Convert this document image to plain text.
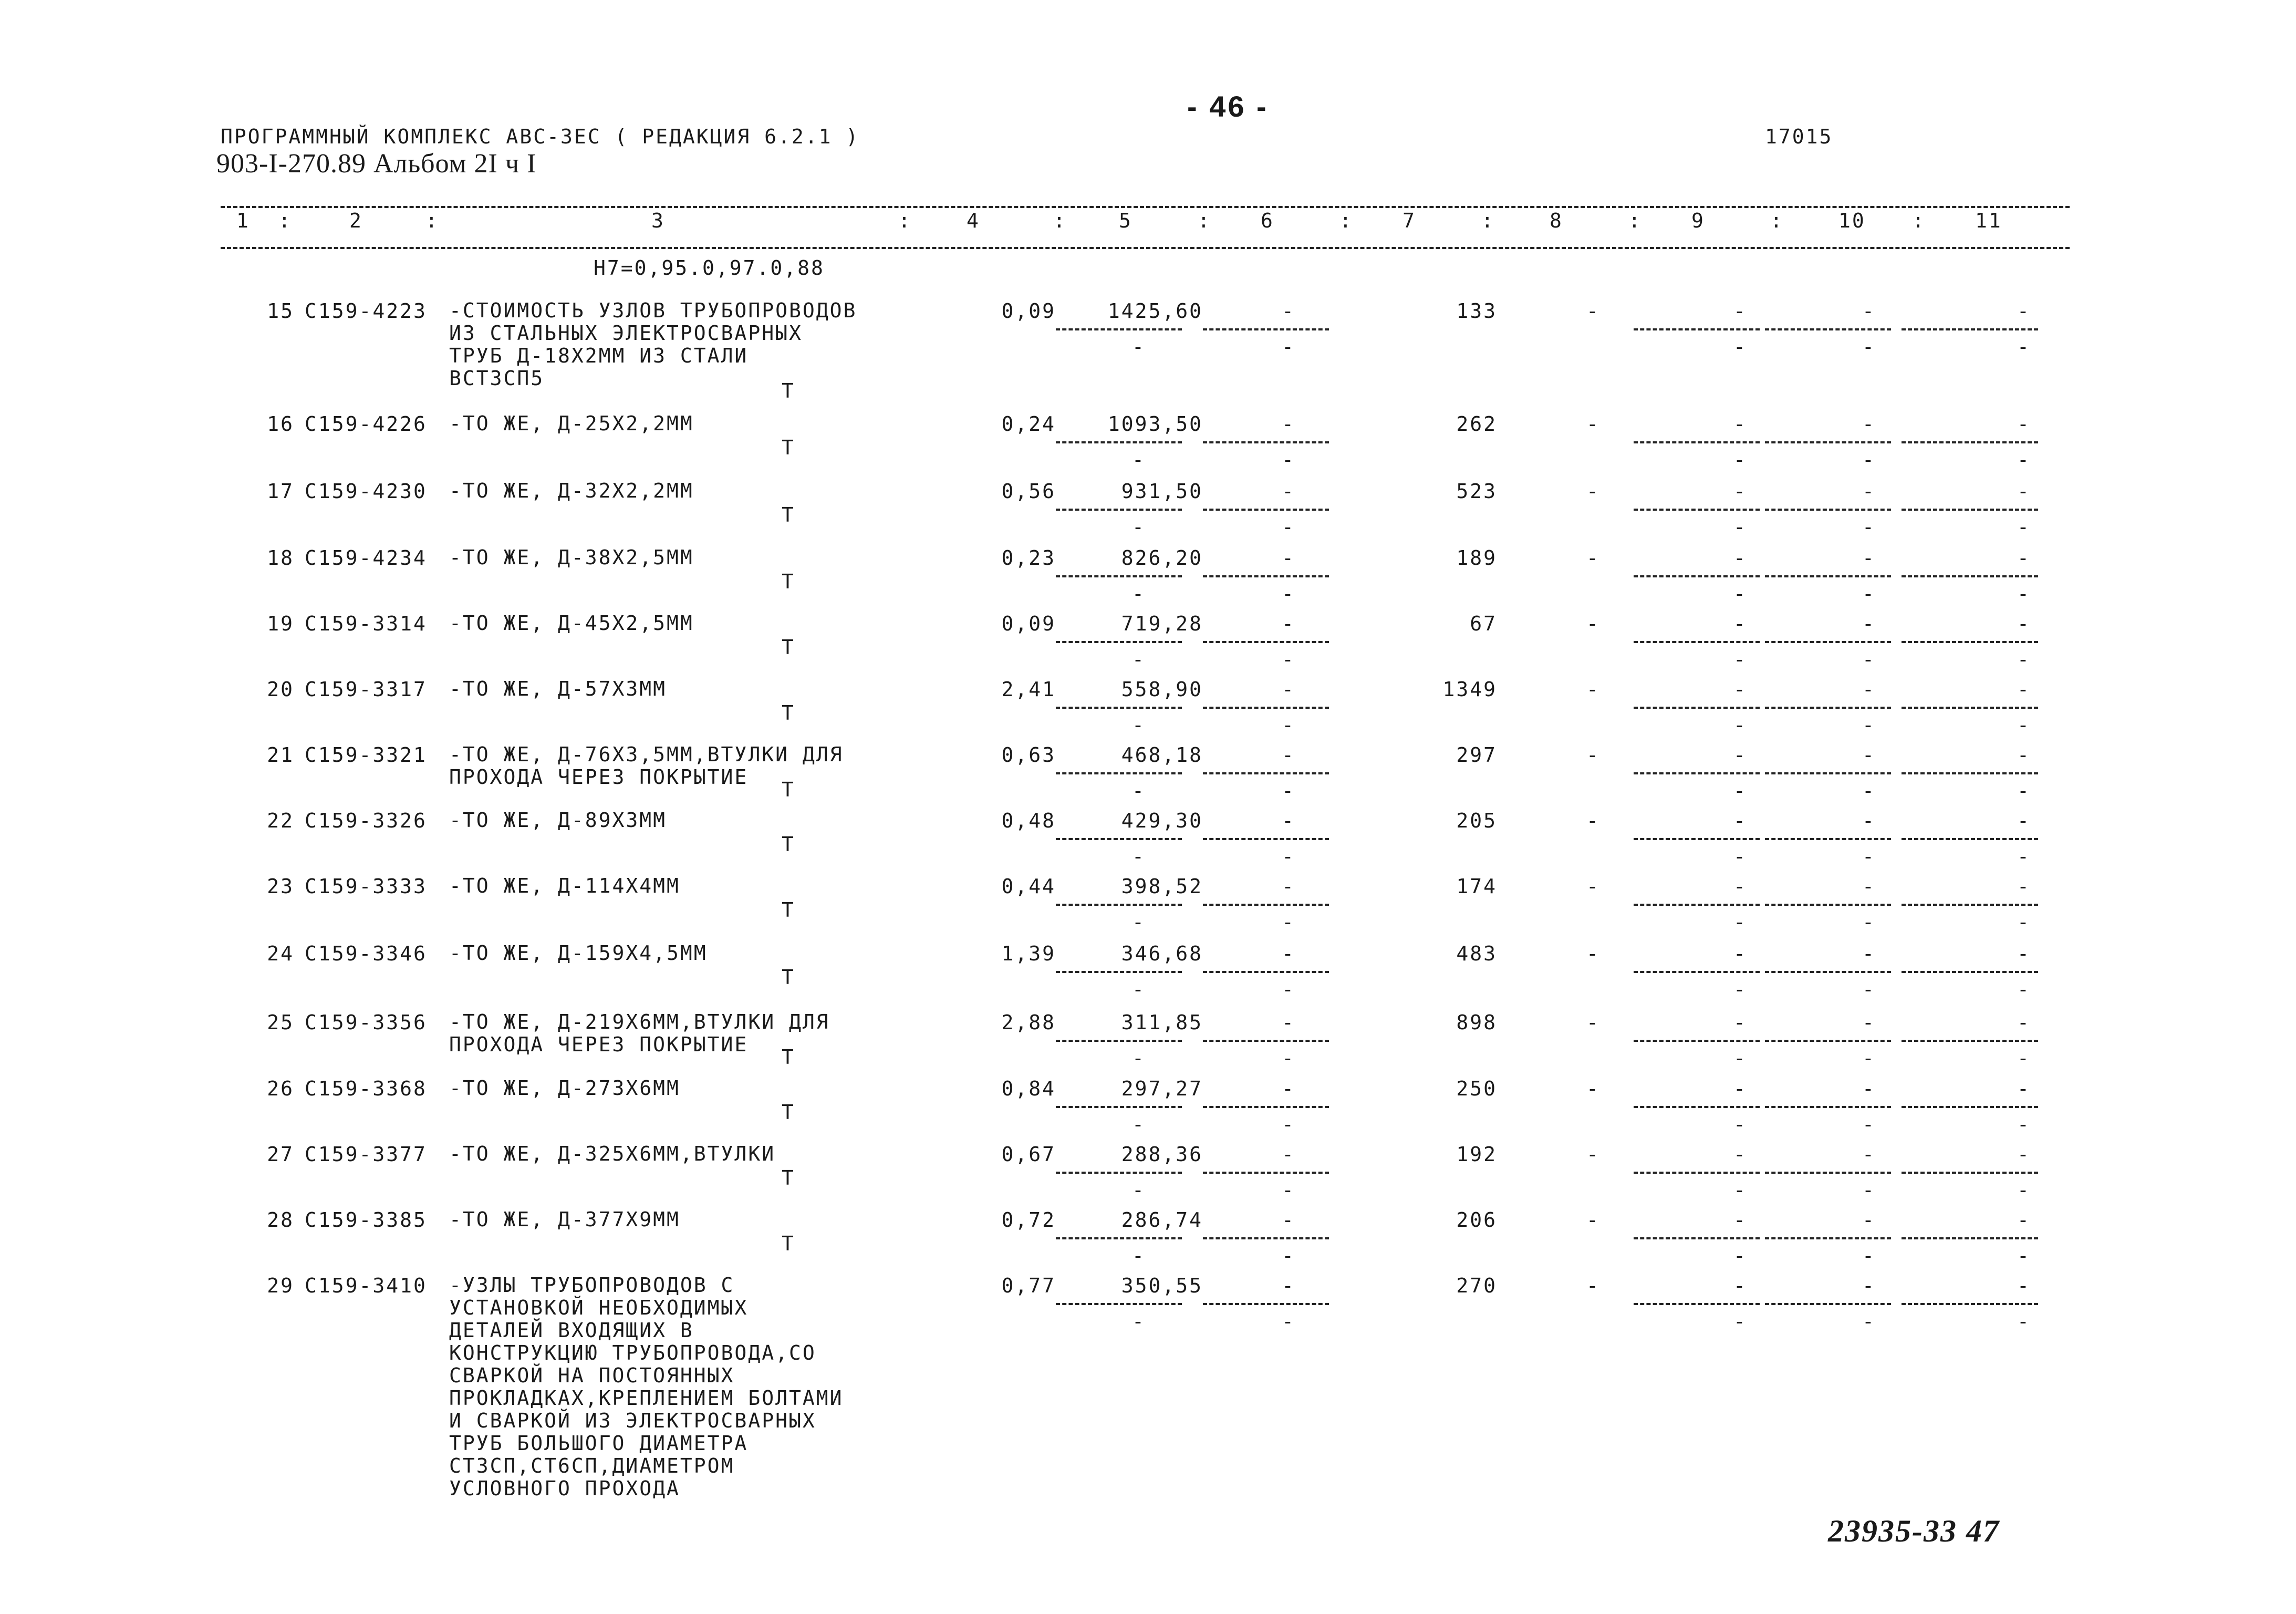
- 46 -
ПРОГРАММНЫЙ КОМПЛЕКС АВС-3ЕС ( РЕДАКЦИЯ 6.2.1 )	17015
903-I-270.89 Альбом 2I ч I
1 :	2	:	3	:	4	:	5	: 6	: 7	:	8	: 9	:	10 : 11
Н7=0,95.0,97.0,88
15 С159-4223 -СТОИМОСТЬ УЗЛОВ ТРУБОПРОВОДОВ
ИЗ СТАЛЬНЫХ ЭЛЕКТРОСВАРНЫХ
ТРУБ Д-18Х2ММ ИЗ СТАЛИ
ВСТ3СП5
0,09	1425,60	-	133	-	-	-	-
Т
-	-	-	-	-
16 С159-4226 -ТО ЖЕ, Д-25Х2,2ММ	0,24	1093,50	-	262	-	-	-	-
Т
-	-	-	-	-
17 С159-4230 -ТО ЖЕ, Д-32Х2,2ММ	0,56	931,50	-	523	-	-	-	-
Т
-	-	-	-	-
18 С159-4234 -ТО ЖЕ, Д-38Х2,5ММ	0,23	826,20	-	189	-	-	-	-
Т
-	-	-	-	-
19 С159-3314 -ТО ЖЕ, Д-45Х2,5ММ	0,09	719,28	-	67	-	-	-	-
Т
-	-	-	-	-
20 С159-3317 -ТО ЖЕ, Д-57Х3ММ	2,41	558,90	-	1349	-	-	-	-
Т
-	-	-	-	-
21 С159-3321 -ТО ЖЕ, Д-76Х3,5ММ,ВТУЛКИ ДЛЯ
ПРОХОДА ЧЕРЕЗ ПОКРЫТИЕ
0,63	468,18	-	297	-	-	-	-
Т	-	-	-	-	-
22 С159-3326 -ТО ЖЕ, Д-89Х3ММ	0,48	429,30	-	205	-	-	-	-
Т
-	-	-	-	-
23 С159-3333 -ТО ЖЕ, Д-114Х4ММ	0,44	398,52	-	174	-	-	-	-
Т
-	-	-	-	-
24 С159-3346 -ТО ЖЕ, Д-159Х4,5ММ	1,39	346,68	-	483	-	-	-	-
Т
-	-	-	-	-
25 С159-3356 -ТО ЖЕ, Д-219Х6ММ,ВТУЛКИ ДЛЯ
ПРОХОДА ЧЕРЕЗ ПОКРЫТИЕ
2,88	311,85	-	898	-	-	-	-
Т	-	-	-	-	-
26 С159-3368 -ТО ЖЕ, Д-273Х6ММ	0,84	297,27	-	250	-	-	-	-
Т
-	-	-	-	-
27 С159-3377 -ТО ЖЕ, Д-325Х6ММ,ВТУЛКИ	0,67	288,36	-	192	-	-	-	-
Т
-	-	-	-	-
28 С159-3385 -ТО ЖЕ, Д-377Х9ММ	0,72	286,74	-	206	-	-	-	-
Т
-	-	-	-	-
29 С159-3410 -УЗЛЫ ТРУБОПРОВОДОВ С
УСТАНОВКОЙ НЕОБХОДИМЫХ
ДЕТАЛЕЙ ВХОДЯЩИХ В
КОНСТРУКЦИЮ ТРУБОПРОВОДА,СО
СВАРКОЙ НА ПОСТОЯННЫХ
ПРОКЛАДКАХ,КРЕПЛЕНИЕМ БОЛТАМИ
И СВАРКОЙ ИЗ ЭЛЕКТРОСВАРНЫХ
ТРУБ БОЛЬШОГО ДИАМЕТРА
СТ3СП,СТ6СП,ДИАМЕТРОМ
УСЛОВНОГО ПРОХОДА
0,77	350,55	-	270	-	-	-	-
-	-	-	-	-
23935-33 47
